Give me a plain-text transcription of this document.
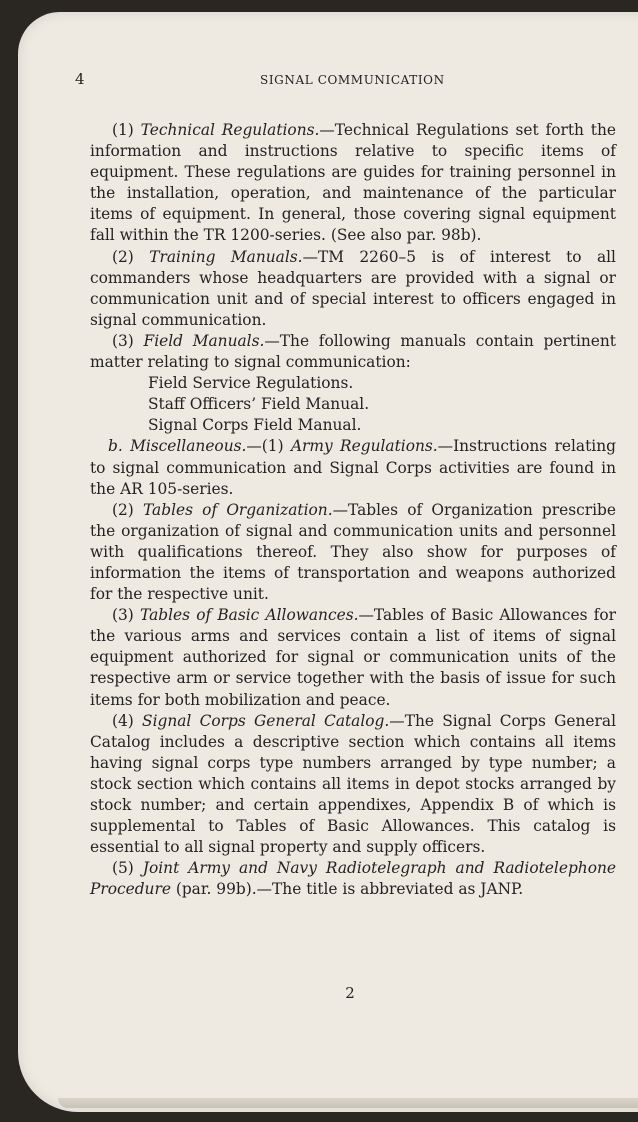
4	SIGNAL COMMUNICATION

(1) Technical Regulations.—Technical Regulations set forth the information and instructions relative to specific items of equipment. These regulations are guides for training personnel in the installation, operation, and maintenance of the particular items of equipment. In general, those covering signal equipment fall within the TR 1200-series. (See also par. 98b).

(2) Training Manuals.—TM 2260–5 is of interest to all commanders whose headquarters are provided with a signal or communication unit and of special interest to officers engaged in signal communication.

(3) Field Manuals.—The following manuals contain pertinent matter relating to signal communication:

Field Service Regulations.
Staff Officers’ Field Manual.
Signal Corps Field Manual.

b. Miscellaneous.—(1) Army Regulations.—Instructions relating to signal communication and Signal Corps activities are found in the AR 105-series.

(2) Tables of Organization.—Tables of Organization prescribe the organization of signal and communication units and personnel with qualifications thereof. They also show for purposes of information the items of transportation and weapons authorized for the respective unit.

(3) Tables of Basic Allowances.—Tables of Basic Allowances for the various arms and services contain a list of items of signal equipment authorized for signal or communication units of the respective arm or service together with the basis of issue for such items for both mobilization and peace.

(4) Signal Corps General Catalog.—The Signal Corps General Catalog includes a descriptive section which contains all items having signal corps type numbers arranged by type number; a stock section which contains all items in depot stocks arranged by stock number; and certain appendixes, Appendix B of which is supplemental to Tables of Basic Allowances. This catalog is essential to all signal property and supply officers.

(5) Joint Army and Navy Radiotelegraph and Radiotelephone Procedure (par. 99b).—The title is abbreviated as JANP.

2
